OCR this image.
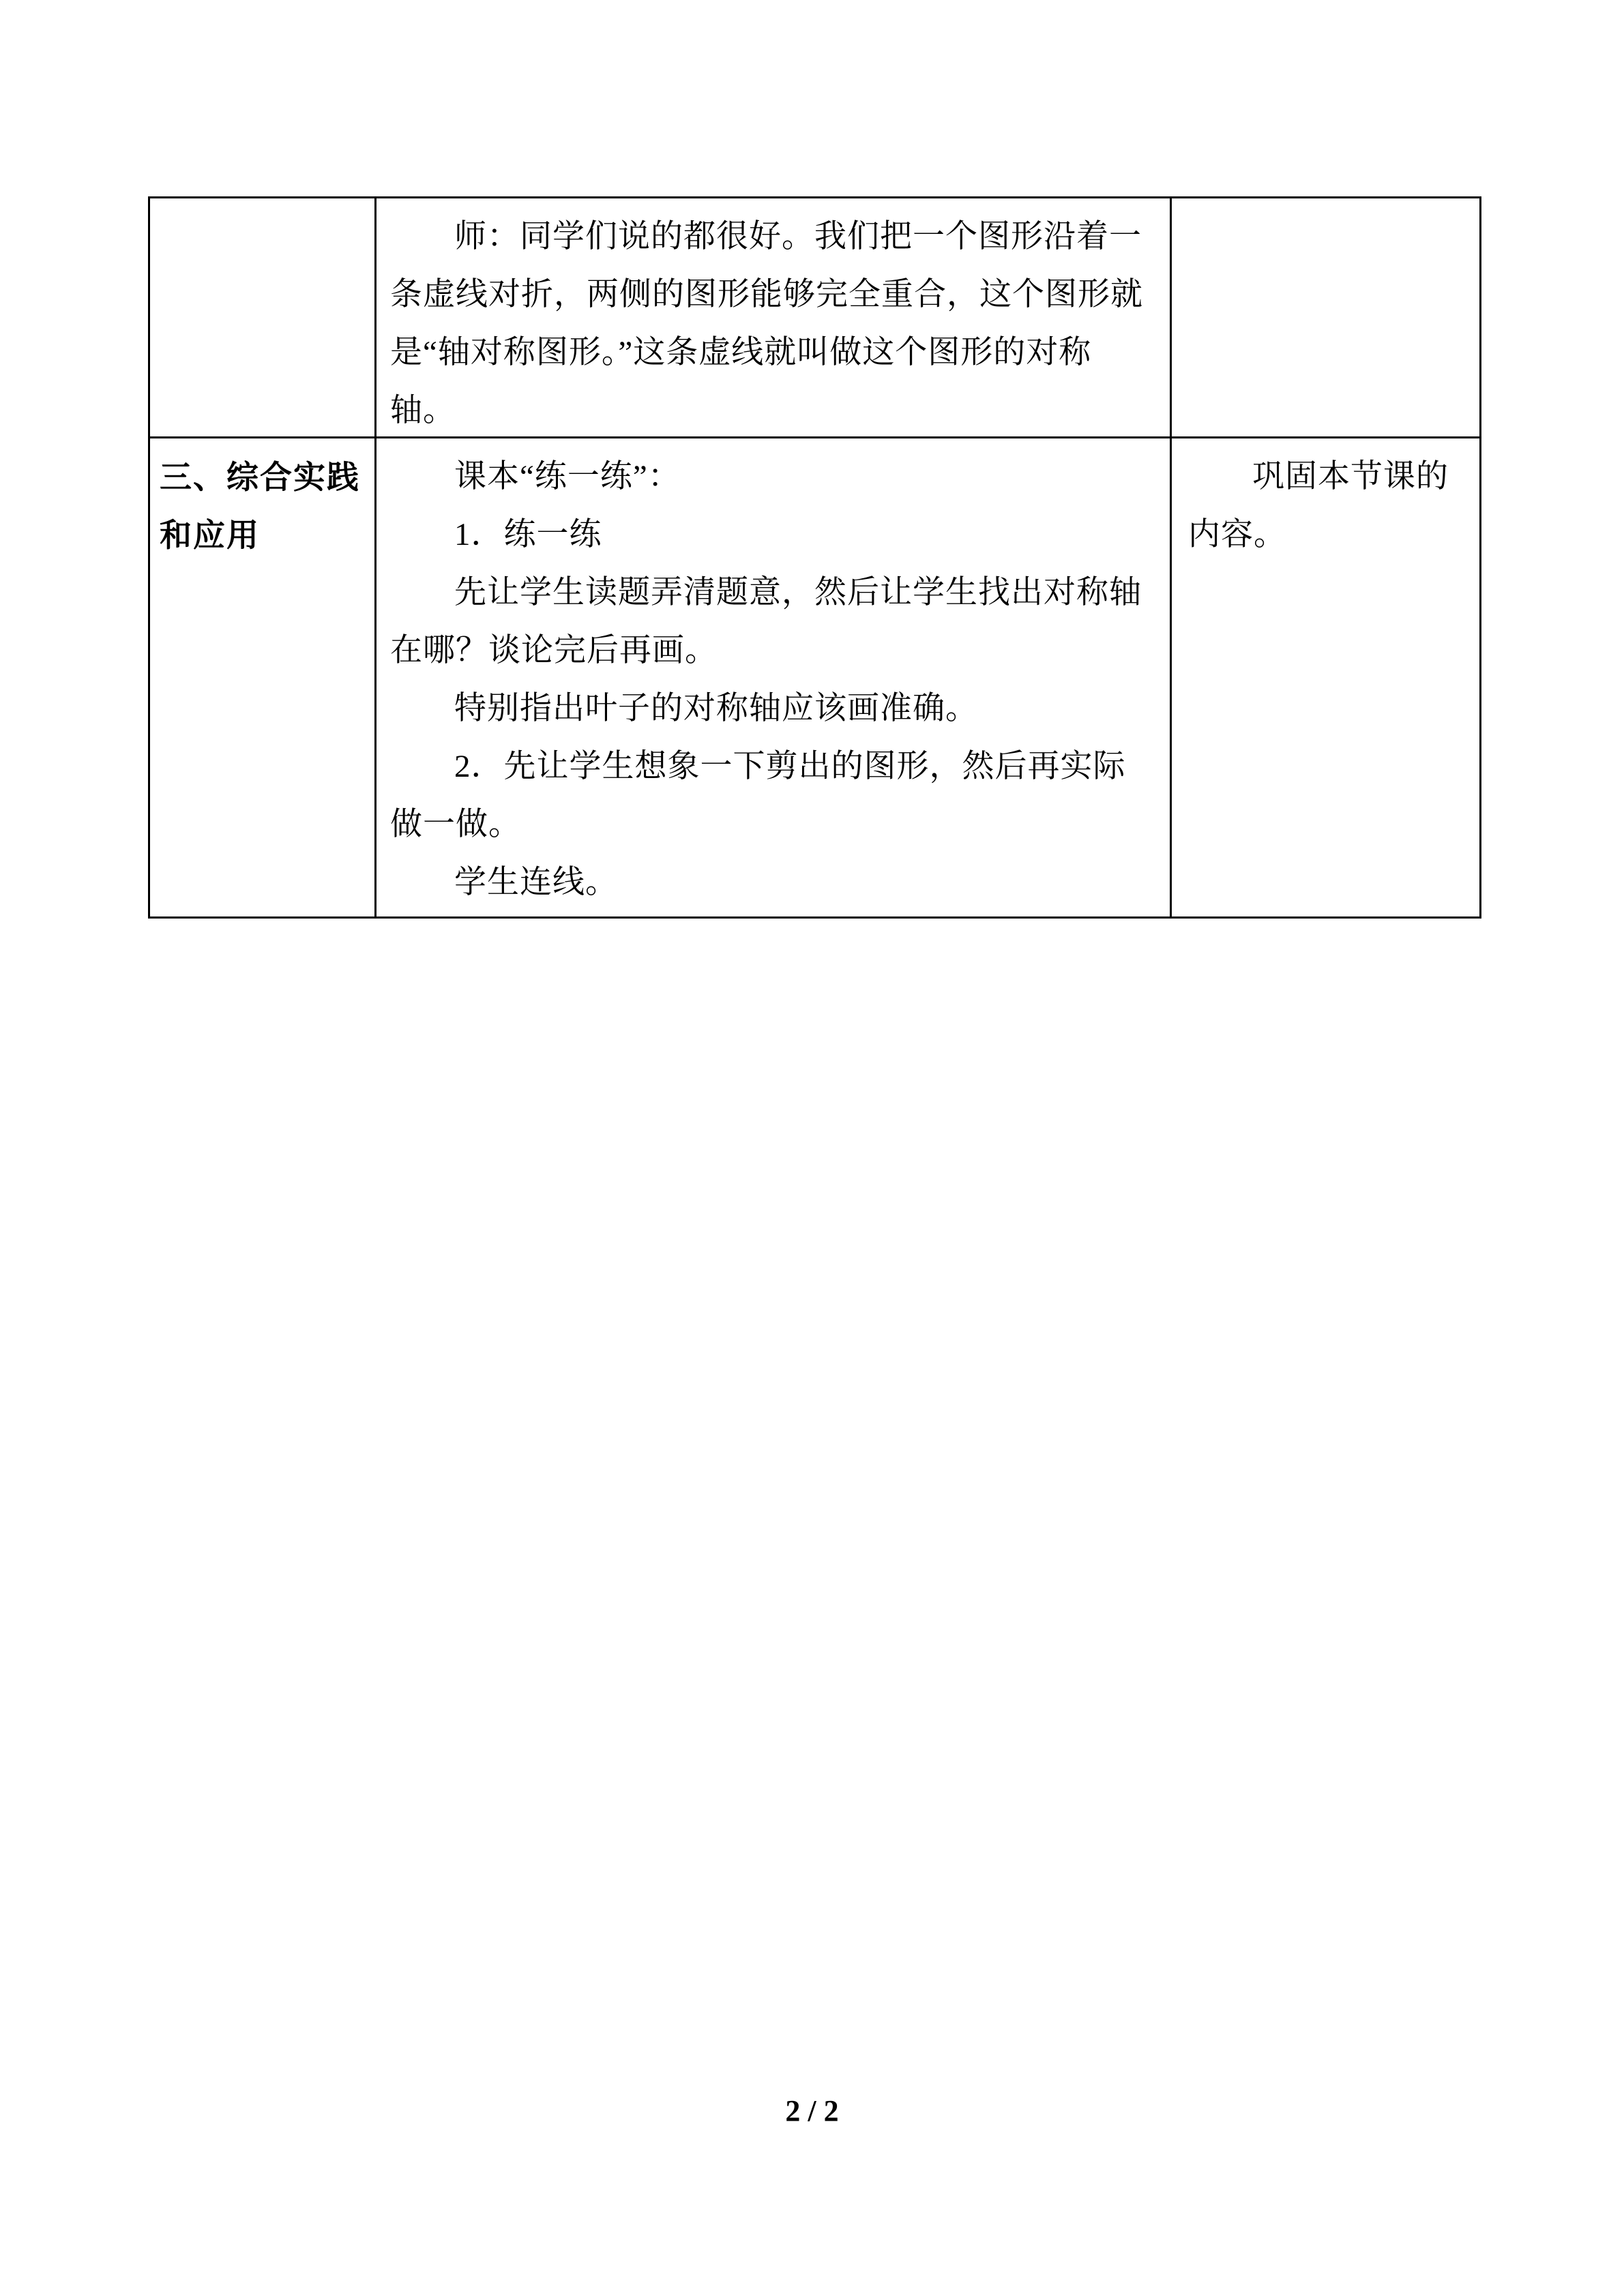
师：同学们说的都很好。我们把一个图形沿着一
条虚线对折，两侧的图形能够完全重合，这个图形就
是“轴对称图形。”这条虚线就叫做这个图形的对称
轴。
三、综合实践
和应用
课本“练一练”：
1．练一练
先让学生读题弄清题意，然后让学生找出对称轴
在哪？谈论完后再画。
特别指出叶子的对称轴应该画准确。
2．先让学生想象一下剪出的图形，然后再实际
做一做。
学生连线。
巩固本节课的
内容。
2 / 2
